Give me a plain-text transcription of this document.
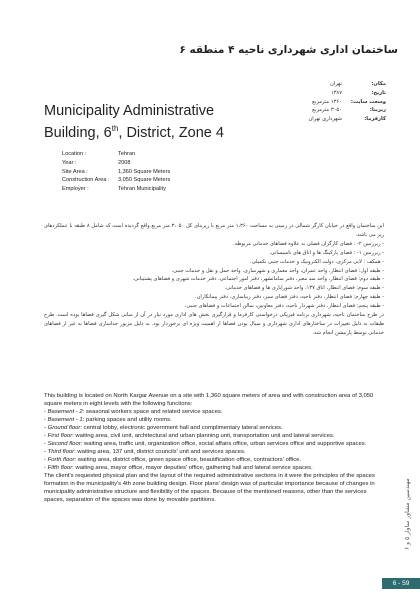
ساختمان اداری شهرداری ناحیه ۴ منطقه ۶
مکان:
تهران
تاریخ:
۱۳۸۷
وسعت سایت:
۱۳۶۰ مترمربع
زیربنا:
۳۰۵۰ مترمربع
کارفرما:
شهرداری تهران
Municipality Administrative
Building, 6th, District, Zone 4
Location :	Tehran
Year :	2008
Site Area :	1,360 Square Meters
Construction Area :	3,050 Square Meters
Employer :	Tehran Municipality

این ساختمان واقع در خیابان کارگر شمالی در زمینی به مساحت ۱،۳۶۰ متر مربع با زیربنای کل ۳،۰۵۰ متر مربع واقع گردیده است که شامل ۸ طبقه با عملکردهای زیر می باشد.

- زیرزمین ۲- : فضای کارگران فصلی به علاوه فضاهای خدماتی مربوطه.

- زیرزمین ۱- : فضای پارکینگ ها و اتاق های تاسیساتی.

- همکف : لابی مرکزی، دولت الکترونیک و خدمات جنبی تکمیلی.

- طبقه اول: فضای انتظار، واحد عمران، واحد معماری و شهرسازی، واحد حمل و نقل و خدمات جنبی.

- طبقه دوم: فضای انتظار، واحد سد معبر، دفتر سامانشهر، دفتر امور اجتماعی، دفتر خدمات شهری و فضاهای پشتیبانی.

- طبقه سوم: فضای انتظار، اتاق ۱۳۷، واحد شورایاری ها و فضاهای خدماتی.

- طبقه چهارم: فضای انتظار، دفتر ناحیه، دفتر فضای سبز، دفتر زیباسازی، دفتر پیمانکاران.

- طبقه پنجم: فضای انتظار، دفتر شهردار ناحیه، دفتر معاونین، سالن اجتماعات و فضاهای جنبی.

در طرح ساختمان ناحیه، شهرداری برنامه فیزیکی درخواستی کارفرما و قرارگیری بخش های اداری مورد نیاز در آن از مبانی شکل گیری فضاها بوده است. طرح طبقات به دلیل تغییرات در ساختارهای اداری شهرداری و سیال بودن فضاها از اهمیت ویژه ای برخوردار بود. به دلیل مزبور جداسازی فضاها به غیر از فضاهای خدماتی توسط پارتیشن انجام شد.

This building is located on North Kargar Avenue on a site with 1,360 square meters of area and with construction area of 3,050 square meters in eight levels with the following functions:

- Basement - 2: seasonal workers space and related service spaces.

- Basement - 1: parking spaces and utility rooms.

- Ground floor: central lobby, electronic government hall and complimentary lateral services.

- First floor: waiting area, civil unit, architectural and urban planning unit, transportation unit and lateral services.

- Second floor: waiting area, traffic unit, organization office, social affairs office, urban services office and supportive spaces.

- Third floor: waiting area, 137 unit, district councils' unit and services spaces.

- Forth floor: waiting area, district office, green space office, beautification office, contractors' office.

- Fifth floor: waiting area, mayor office, mayor deputies' office, gathering hall and lateral service spaces.

The client's requested physical plan and the layout of the required administrative sections in it were the principles of the spaces formation in the municipality's 4th zone building design. Floor plans' design was of particular importance because of changes in municipality administrative structure and flexibility of the spaces. Because of the mentioned reasons, other than the services spaces, separation of the spaces was done by movable partitions.

مهندسین مشاور ساوار ۵ و ۶
6 - 59
